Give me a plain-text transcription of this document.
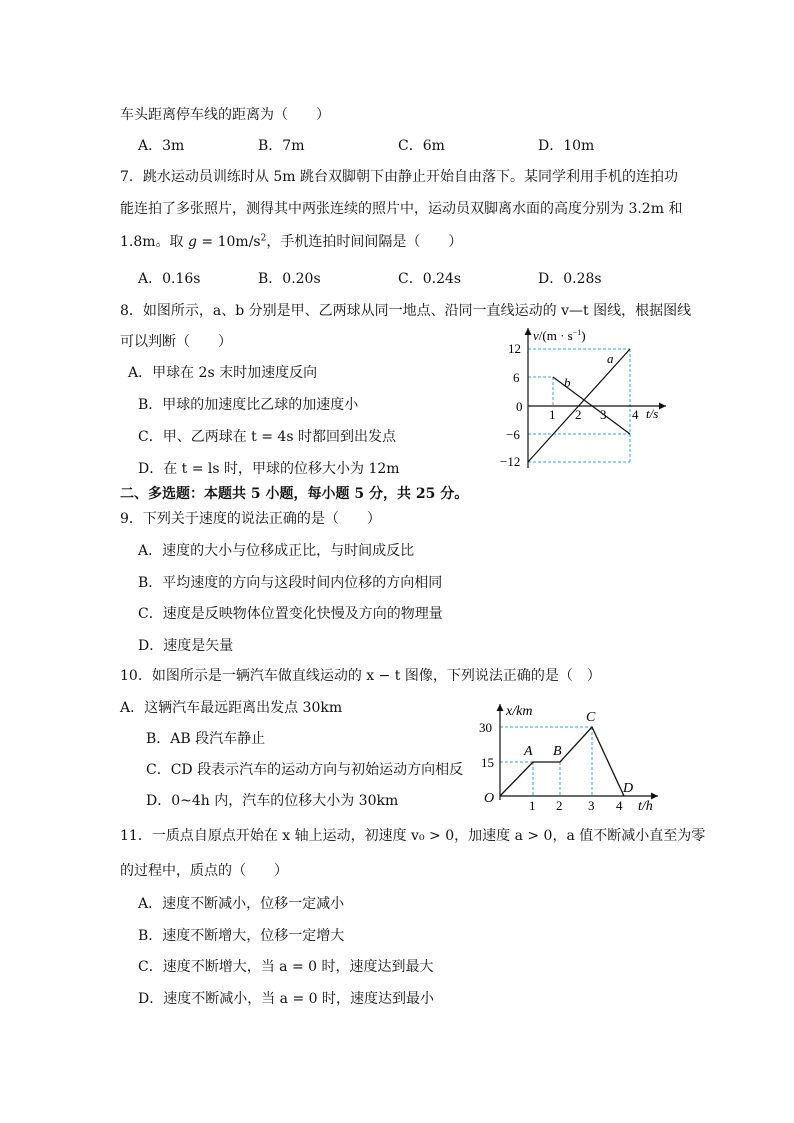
车头距离停车线的距离为（　　）
A．3m	B．7m	C．6m	D．10m
7．跳水运动员训练时从 5m 跳台双脚朝下由静止开始自由落下。某同学利用手机的连拍功
能连拍了多张照片，测得其中两张连续的照片中，运动员双脚离水面的高度分别为 3.2m 和
1.8m。取 $g = 10m/s^2$，手机连拍时间间隔是（　　）
A．0.16s	B．0.20s	C．0.24s	D．0.28s
8．如图所示，a、b 分别是甲、乙两球从同一地点、沿同一直线运动的 v—t 图线，根据图线
可以判断（　　）
A．甲球在 2s 末时加速度反向
B．甲球的加速度比乙球的加速度小
C．甲、乙两球在 t = 4s 时都回到出发点
D．在 t = ls 时，甲球的位移大小为 12m
$v/(m \cdot s^{-1})$
t/s
0
1 2 3 4
12
6
−6
−12
a
b
二、多选题：本题共 5 小题，每小题 5 分，共 25 分。
9．下列关于速度的说法正确的是（　　）
A．速度的大小与位移成正比，与时间成反比
B．平均速度的方向与这段时间内位移的方向相同
C．速度是反映物体位置变化快慢及方向的物理量
D．速度是矢量
10．如图所示是一辆汽车做直线运动的 x − t 图像，下列说法正确的是（　）
A．这辆汽车最远距离出发点 30km
B．AB 段汽车静止
C．CD 段表示汽车的运动方向与初始运动方向相反
D．0~4h 内，汽车的位移大小为 30km
x/km
t/h
O
30
15
1 2 3 4
A B
C
D
11．一质点自原点开始在 x 轴上运动，初速度 v₀ > 0，加速度 a > 0，a 值不断减小直至为零
的过程中，质点的（　　）
A．速度不断减小，位移一定减小
B．速度不断增大，位移一定增大
C．速度不断增大，当 a = 0 时，速度达到最大
D．速度不断减小，当 a = 0 时，速度达到最小
